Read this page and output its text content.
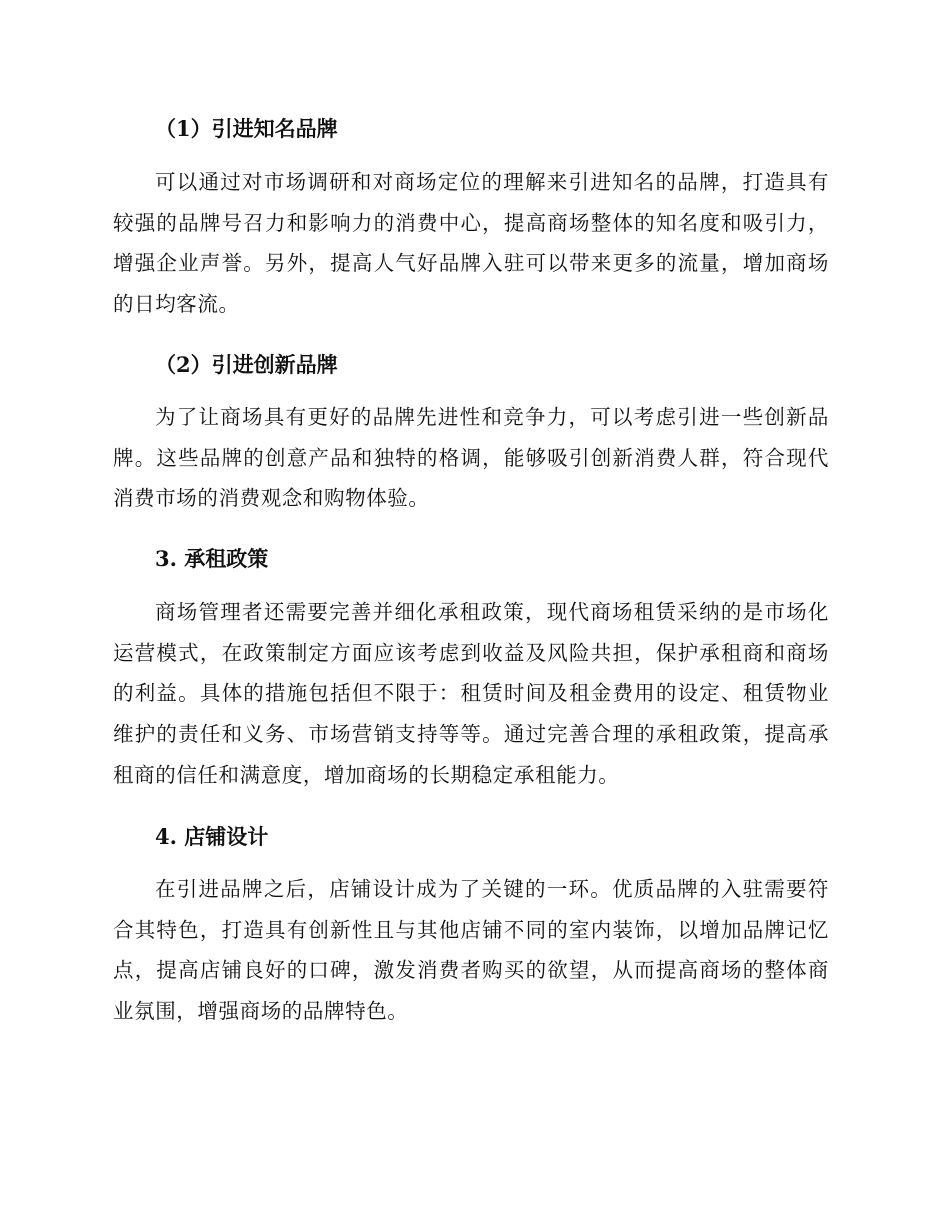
（1）引进知名品牌
可以通过对市场调研和对商场定位的理解来引进知名的品牌，打造具有较强的品牌号召力和影响力的消费中心，提高商场整体的知名度和吸引力，增强企业声誉。另外，提高人气好品牌入驻可以带来更多的流量，增加商场的日均客流。
（2）引进创新品牌
为了让商场具有更好的品牌先进性和竞争力，可以考虑引进一些创新品牌。这些品牌的创意产品和独特的格调，能够吸引创新消费人群，符合现代消费市场的消费观念和购物体验。
3. 承租政策
商场管理者还需要完善并细化承租政策，现代商场租赁采纳的是市场化运营模式，在政策制定方面应该考虑到收益及风险共担，保护承租商和商场的利益。具体的措施包括但不限于：租赁时间及租金费用的设定、租赁物业维护的责任和义务、市场营销支持等等。通过完善合理的承租政策，提高承租商的信任和满意度，增加商场的长期稳定承租能力。
4. 店铺设计
在引进品牌之后，店铺设计成为了关键的一环。优质品牌的入驻需要符合其特色，打造具有创新性且与其他店铺不同的室内装饰，以增加品牌记忆点，提高店铺良好的口碑，激发消费者购买的欲望，从而提高商场的整体商业氛围，增强商场的品牌特色。
